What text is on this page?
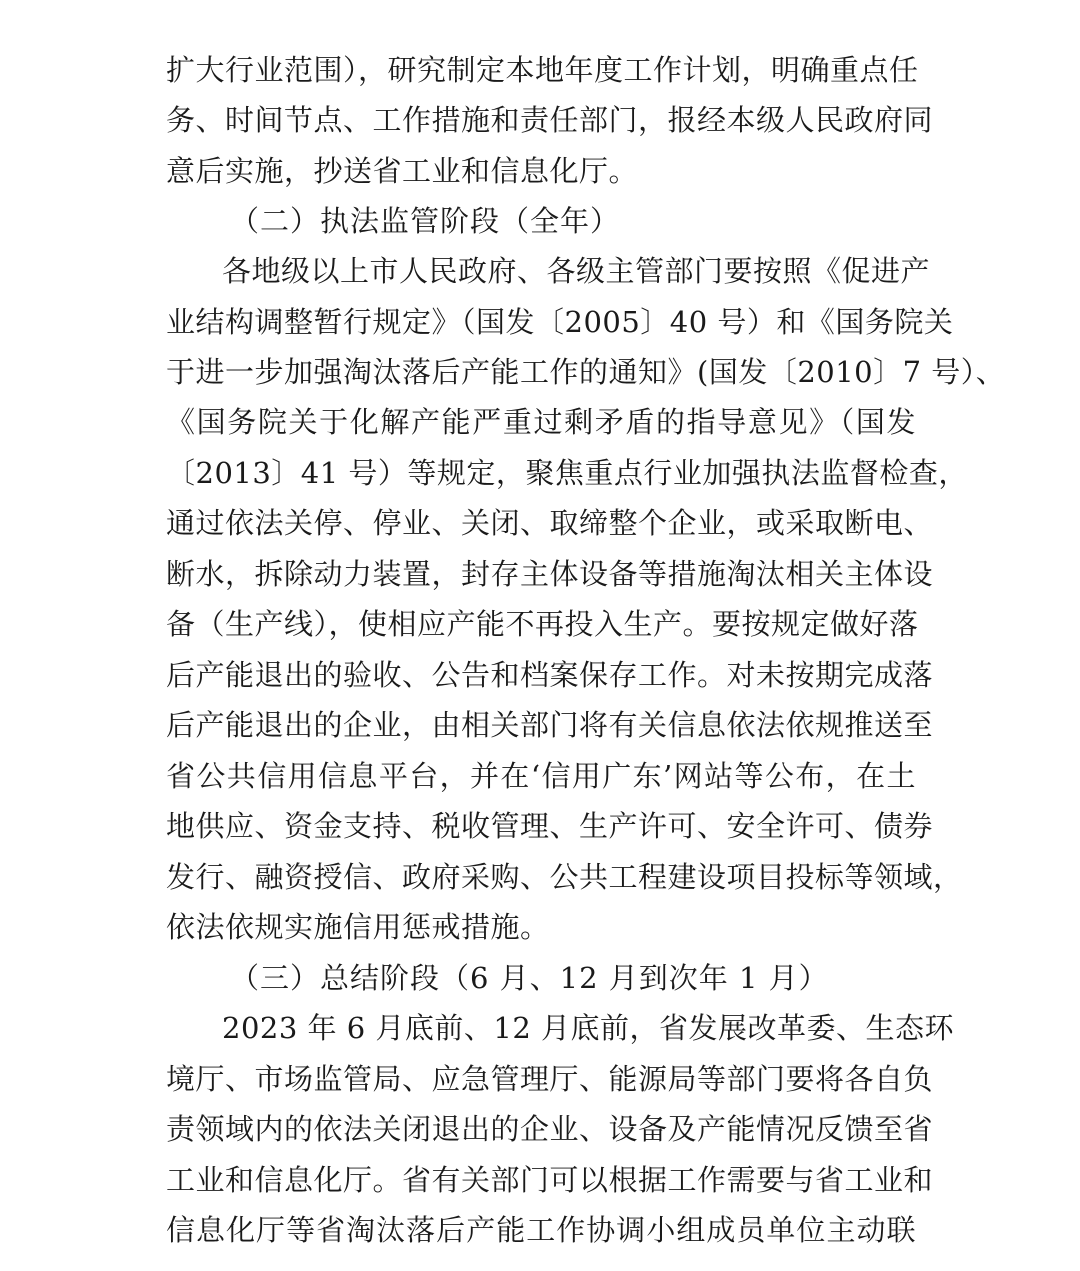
扩大行业范围），研究制定本地年度工作计划，明确重点任
务、时间节点、工作措施和责任部门，报经本级人民政府同
意后实施，抄送省工业和信息化厅。
（二）执法监管阶段（全年）
各地级以上市人民政府、各级主管部门要按照《促进产
业结构调整暂行规定》（国发〔2005〕40 号）和《国务院关
于进一步加强淘汰落后产能工作的通知》(国发〔2010〕7 号）、
《国务院关于化解产能严重过剩矛盾的指导意见》（国发
〔2013〕41 号）等规定，聚焦重点行业加强执法监督检查，
通过依法关停、停业、关闭、取缔整个企业，或采取断电、
断水，拆除动力装置，封存主体设备等措施淘汰相关主体设
备（生产线），使相应产能不再投入生产。要按规定做好落
后产能退出的验收、公告和档案保存工作。对未按期完成落
后产能退出的企业，由相关部门将有关信息依法依规推送至
省公共信用信息平台，并在‘信用广东’网站等公布，在土
地供应、资金支持、税收管理、生产许可、安全许可、债券
发行、融资授信、政府采购、公共工程建设项目投标等领域，
依法依规实施信用惩戒措施。
（三）总结阶段（6 月、12 月到次年 1 月）
2023 年 6 月底前、12 月底前，省发展改革委、生态环
境厅、市场监管局、应急管理厅、能源局等部门要将各自负
责领域内的依法关闭退出的企业、设备及产能情况反馈至省
工业和信息化厅。省有关部门可以根据工作需要与省工业和
信息化厅等省淘汰落后产能工作协调小组成员单位主动联
